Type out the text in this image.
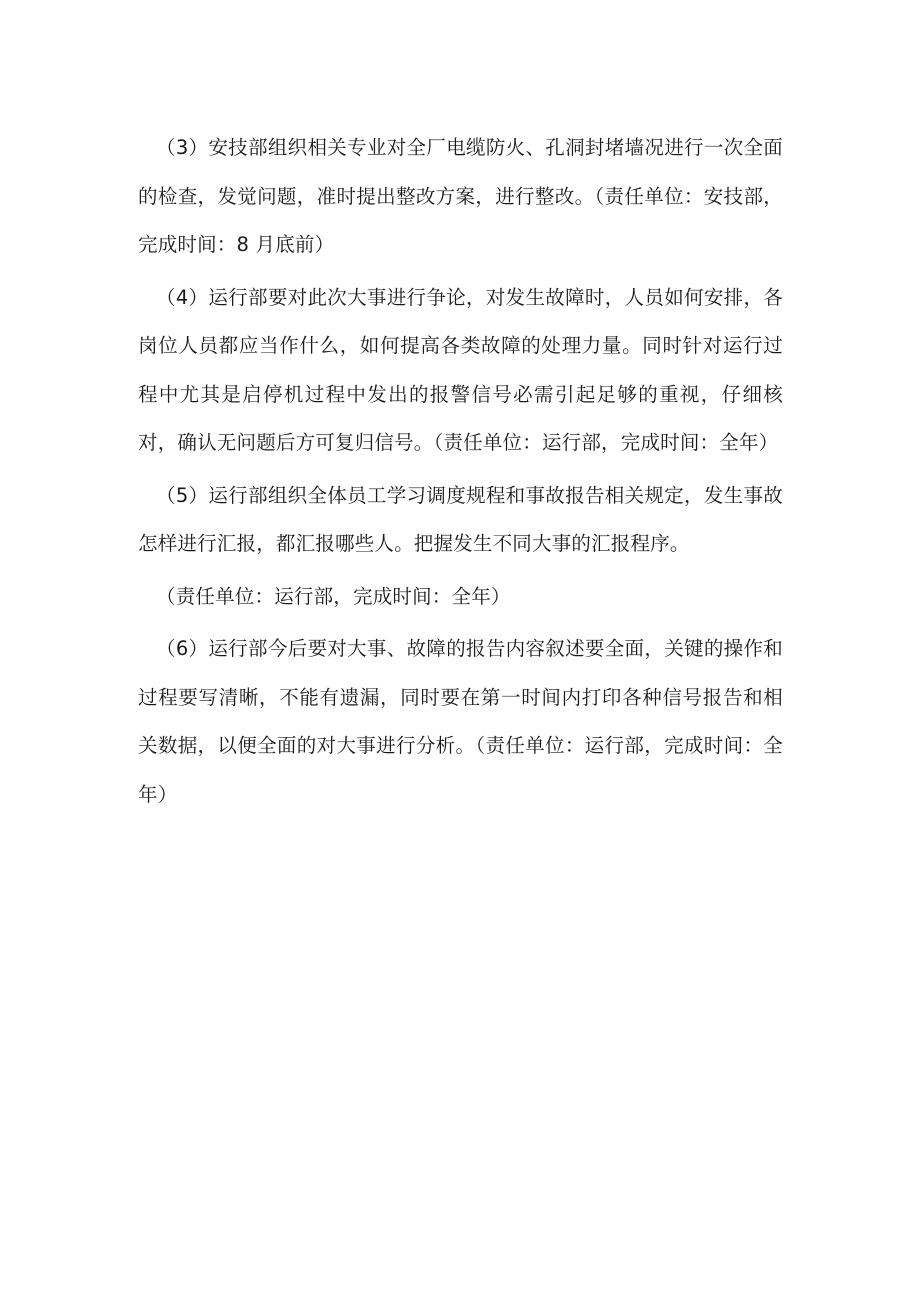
（3）安技部组织相关专业对全厂电缆防火、孔洞封堵墙况进行一次全面的检查，发觉问题，准时提出整改方案，进行整改。（责任单位：安技部，完成时间：8 月底前）

（4）运行部要对此次大事进行争论，对发生故障时，人员如何安排，各岗位人员都应当作什么，如何提高各类故障的处理力量。同时针对运行过程中尤其是启停机过程中发出的报警信号必需引起足够的重视，仔细核对，确认无问题后方可复归信号。（责任单位：运行部，完成时间：全年）

（5）运行部组织全体员工学习调度规程和事故报告相关规定，发生事故怎样进行汇报，都汇报哪些人。把握发生不同大事的汇报程序。

（责任单位：运行部，完成时间：全年）

（6）运行部今后要对大事、故障的报告内容叙述要全面，关键的操作和过程要写清晰，不能有遗漏，同时要在第一时间内打印各种信号报告和相关数据，以便全面的对大事进行分析。（责任单位：运行部，完成时间：全年）
